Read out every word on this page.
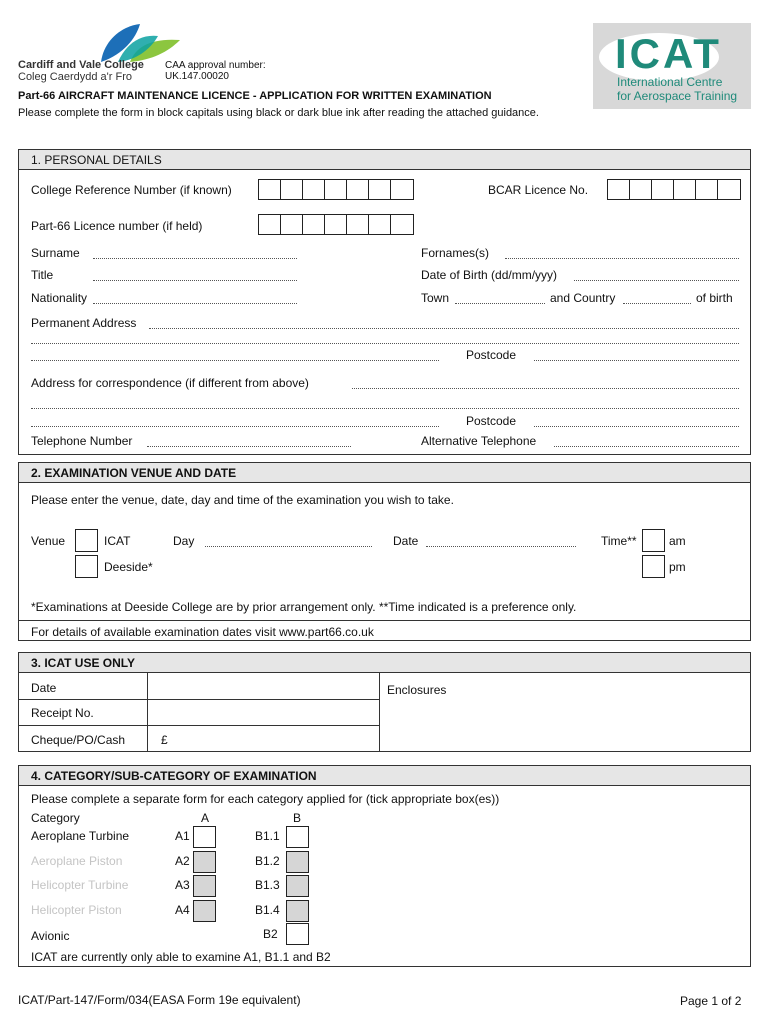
Cardiff and Vale College
Coleg Caerdydd a'r Fro
CAA approval number:
UK.147.00020	ICAT
International Centre
for Aerospace Training
Part-66 AIRCRAFT MAINTENANCE LICENCE - APPLICATION FOR WRITTEN EXAMINATION
Please complete the form in block capitals using black or dark blue ink after reading the attached guidance.
1. PERSONAL DETAILS
College Reference Number (if known)	BCAR Licence No.
Part-66 Licence number (if held)
Surname	Fornames(s)
Title	Date of Birth (dd/mm/yyy)
Nationality	Town	and Country	of birth
Permanent Address
Postcode
Address for correspondence (if different from above)
Postcode
Telephone Number	Alternative Telephone
2. EXAMINATION VENUE AND DATE
Please enter the venue, date, day and time of the examination you wish to take.
Venue	ICAT
Deeside*
Day	Date	Time**	am
pm
*Examinations at Deeside College are by prior arrangement only. **Time indicated is a preference only.
For details of available examination dates visit www.part66.co.uk
3. ICAT USE ONLY
Date
Receipt No.
Cheque/PO/Cash	£
Enclosures
4. CATEGORY/SUB-CATEGORY OF EXAMINATION
Please complete a separate form for each category applied for (tick appropriate box(es))
Category	A	B
Aeroplane Turbine	A1	B1.1
Aeroplane Piston	A2	B1.2
Helicopter Turbine	A3	B1.3
Helicopter Piston	A4	B1.4
Avionic	B2
ICAT are currently only able to examine A1, B1.1 and B2
ICAT/Part-147/Form/034(EASA Form 19e equivalent)	Page 1 of 2
